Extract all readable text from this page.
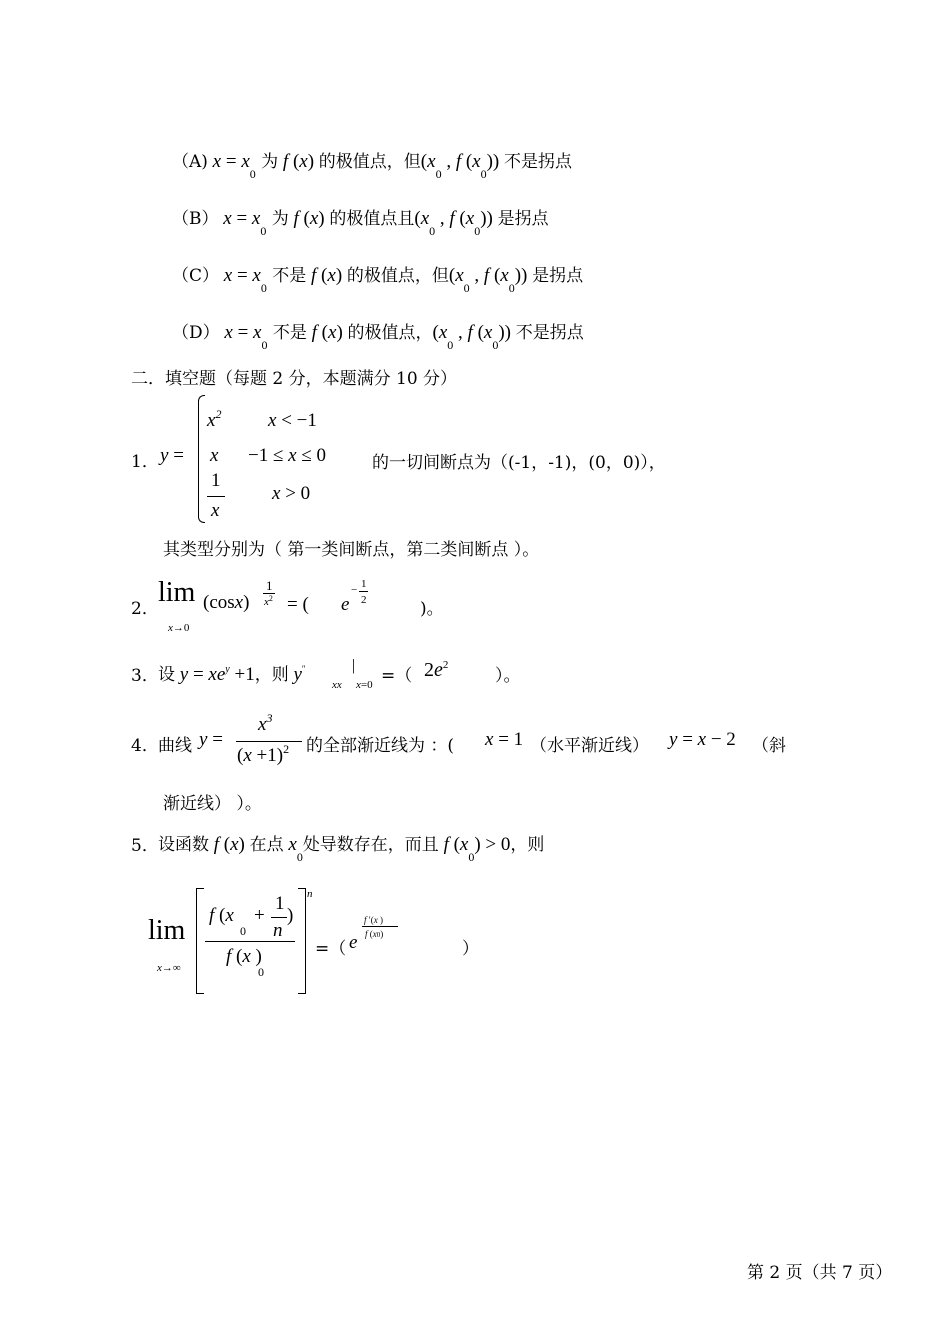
（A) $x = x_0$ 为 f (x) 的极值点，但($x_0$ , f $(x_0)$) 不是拐点
（B） $x = x_0$ 为 f (x) 的极值点且($x_0$ , f $(x_0)$) 是拐点
（C） $x = x_0$ 不是 f (x) 的极值点，但($x_0$ , f $(x_0)$) 是拐点
（D） $x = x_0$ 不是 f (x) 的极值点，($x_0$ , f $(x_0)$) 不是拐点
二．填空题（每题 2 分，本题满分 10 分）
1． y =
$x^2$ x < −1
x −1 ≤ x ≤ 0
1
x
x > 0
的一切间断点为（(-1，-1)，(0，0)），
其类型分别为（ 第一类间断点，第二类间断点 ）。
2．
lim
x→0
(cosx)
1
$x^2$ = ( e
− 1
2	)。
3． 设 $y = xe^y +1$，则 y″
xx
|
x=0 =（ $2e^2$
）。
4． 曲线 y =
$x^3$
$(x +1)^2$ 的全部渐近线为 ：( x = 1 （水平渐近线） y = x − 2 （斜
渐近线） ）。
5． 设函数 f (x) 在点 $x_0$处导数存在，而且 f $(x_0) > 0$，则
lim
x→∞
f (x
0
+
1
n
)
f (x )
0
n
=（ e
f ′(x )
f (x0)
）
第 2 页（共 7 页）
